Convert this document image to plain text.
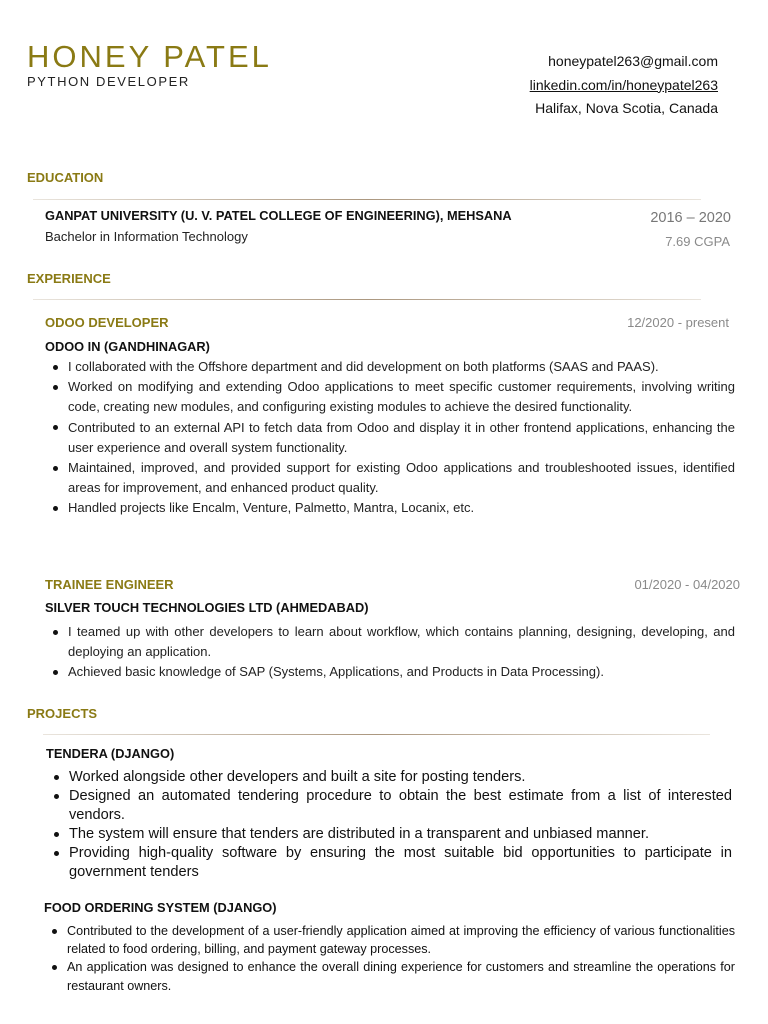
HONEY PATEL
PYTHON DEVELOPER
honeypatel263@gmail.com
linkedin.com/in/honeypatel263
Halifax, Nova Scotia, Canada
EDUCATION
GANPAT UNIVERSITY (U. V. PATEL COLLEGE OF ENGINEERING), MEHSANA
Bachelor in Information Technology
2016 – 2020
7.69 CGPA
EXPERIENCE
ODOO DEVELOPER	12/2020 - present
ODOO IN (GANDHINAGAR)
I collaborated with the Offshore department and did development on both platforms (SAAS and PAAS).
Worked on modifying and extending Odoo applications to meet specific customer requirements, involving writing code, creating new modules, and configuring existing modules to achieve the desired functionality.
Contributed to an external API to fetch data from Odoo and display it in other frontend applications, enhancing the user experience and overall system functionality.
Maintained, improved, and provided support for existing Odoo applications and troubleshooted issues, identified areas for improvement, and enhanced product quality.
Handled projects like Encalm, Venture, Palmetto, Mantra, Locanix, etc.
TRAINEE ENGINEER	01/2020 - 04/2020
SILVER TOUCH TECHNOLOGIES LTD (AHMEDABAD)
I teamed up with other developers to learn about workflow, which contains planning, designing, developing, and deploying an application.
Achieved basic knowledge of SAP (Systems, Applications, and Products in Data Processing).
PROJECTS
TENDERA (DJANGO)
Worked alongside other developers and built a site for posting tenders.
Designed an automated tendering procedure to obtain the best estimate from a list of interested vendors.
The system will ensure that tenders are distributed in a transparent and unbiased manner.
Providing high-quality software by ensuring the most suitable bid opportunities to participate in government tenders
FOOD ORDERING SYSTEM (DJANGO)
Contributed to the development of a user-friendly application aimed at improving the efficiency of various functionalities related to food ordering, billing, and payment gateway processes.
An application was designed to enhance the overall dining experience for customers and streamline the operations for restaurant owners.
